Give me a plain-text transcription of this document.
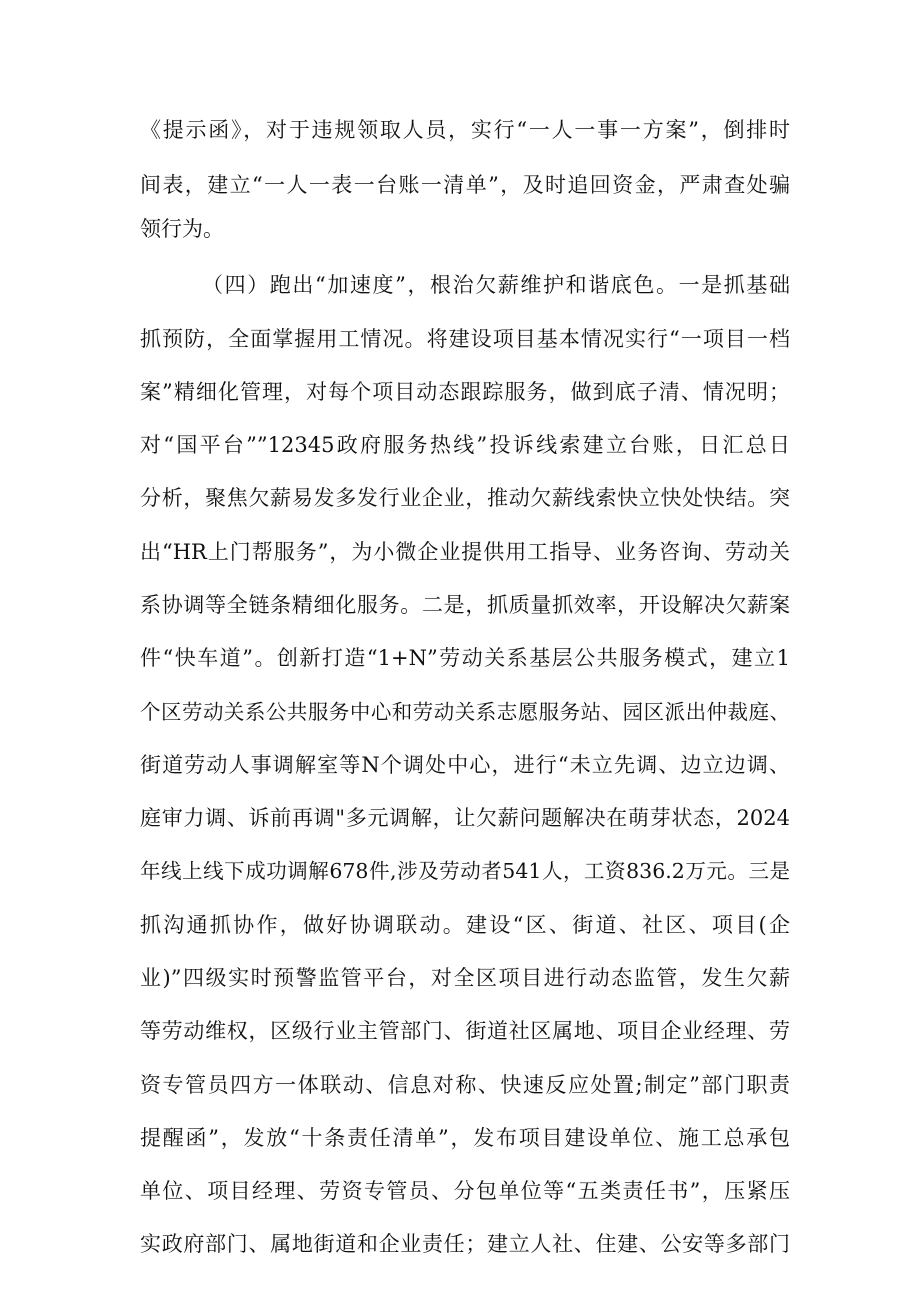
《提示函》，对于违规领取人员，实行“一人一事一方案”，倒排时
间表，建立“一人一表一台账一清单”，及时追回资金，严肃查处骗
领行为。
（四）跑出“加速度”，根治欠薪维护和谐底色。一是抓基础
抓预防，全面掌握用工情况。将建设项目基本情况实行“一项目一档
案”精细化管理，对每个项目动态跟踪服务，做到底子清、情况明；
对“国平台””12345政府服务热线”投诉线索建立台账，日汇总日
分析，聚焦欠薪易发多发行业企业，推动欠薪线索快立快处快结。突
出“HR上门帮服务”，为小微企业提供用工指导、业务咨询、劳动关
系协调等全链条精细化服务。二是，抓质量抓效率，开设解决欠薪案
件“快车道”。创新打造“1+N”劳动关系基层公共服务模式，建立1
个区劳动关系公共服务中心和劳动关系志愿服务站、园区派出仲裁庭、
街道劳动人事调解室等N个调处中心，进行“未立先调、边立边调、
庭审力调、诉前再调"多元调解，让欠薪问题解决在萌芽状态，2024
年线上线下成功调解678件,涉及劳动者541人，工资836.2万元。三是
抓沟通抓协作，做好协调联动。建设“区、街道、社区、项目(企
业)”四级实时预警监管平台，对全区项目进行动态监管，发生欠薪
等劳动维权，区级行业主管部门、街道社区属地、项目企业经理、劳
资专管员四方一体联动、信息对称、快速反应处置;制定”部门职责
提醒函”，发放“十条责任清单”，发布项目建设单位、施工总承包
单位、项目经理、劳资专管员、分包单位等“五类责任书”，压紧压
实政府部门、属地街道和企业责任；建立人社、住建、公安等多部门
